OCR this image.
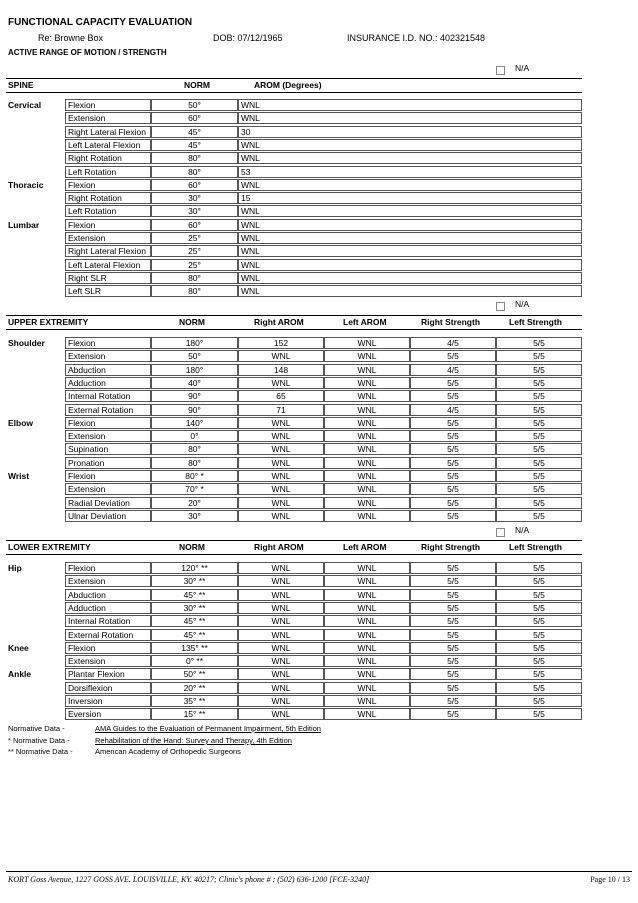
FUNCTIONAL CAPACITY EVALUATION
Re: Browne Box	DOB: 07/12/1965	INSURANCE I.D. NO.: 402321548
ACTIVE RANGE OF MOTION / STRENGTH
N/A
SPINE	NORM	AROM (Degrees)
Cervical	Flexion	50°	WNL
Extension	60°	WNL
Right Lateral Flexion	45°	30
Left Lateral Flexion	45°	WNL
Right Rotation	80°	WNL
Left Rotation	80°	53
Thoracic	Flexion	60°	WNL
Right Rotation	30°	15
Left Rotation	30°	WNL
Lumbar	Flexion	60°	WNL
Extension	25°	WNL
Right Lateral Flexion	25°	WNL
Left Lateral Flexion	25°	WNL
Right SLR	80°	WNL
Left SLR	80°	WNL
N/A
UPPER EXTREMITY	NORM	Right AROM	Left AROM	Right Strength	Left Strength
Shoulder	Flexion	180°	152	WNL	4/5	5/5
Extension	50°	WNL	WNL	5/5	5/5
Abduction	180°	148	WNL	4/5	5/5
Adduction	40°	WNL	WNL	5/5	5/5
Internal Rotation	90°	65	WNL	5/5	5/5
External Rotation	90°	71	WNL	4/5	5/5
Elbow	Flexion	140°	WNL	WNL	5/5	5/5
Extension	0°	WNL	WNL	5/5	5/5
Supination	80°	WNL	WNL	5/5	5/5
Pronation	80°	WNL	WNL	5/5	5/5
Wrist	Flexion	80° *	WNL	WNL	5/5	5/5
Extension	70° *	WNL	WNL	5/5	5/5
Radial Deviation	20°	WNL	WNL	5/5	5/5
Ulnar Deviation	30°	WNL	WNL	5/5	5/5
N/A
LOWER EXTREMITY	NORM	Right AROM	Left AROM	Right Strength	Left Strength
Hip	Flexion	120° **	WNL	WNL	5/5	5/5
Extension	30° **	WNL	WNL	5/5	5/5
Abduction	45° **	WNL	WNL	5/5	5/5
Adduction	30° **	WNL	WNL	5/5	5/5
Internal Rotation	45° **	WNL	WNL	5/5	5/5
External Rotation	45° **	WNL	WNL	5/5	5/5
Knee	Flexion	135° **	WNL	WNL	5/5	5/5
Extension	0° **	WNL	WNL	5/5	5/5
Ankle	Plantar Flexion	50° **	WNL	WNL	5/5	5/5
Dorsiflexion	20° **	WNL	WNL	5/5	5/5
Inversion	35° **	WNL	WNL	5/5	5/5
Eversion	15° **	WNL	WNL	5/5	5/5
Normative Data -	AMA Guides to the Evaluation of Permanent Impairment, 5th Edition
* Normative Data -	Rehabilitation of the Hand: Survey and Therapy, 4th Edition
** Normative Data -	American Academy of Orthopedic Surgeons
KORT Goss Avenue, 1227 GOSS AVE. LOUISVILLE, KY. 40217; Clinic's phone # : (502) 636-1200 [FCE-3240]	Page 10 / 13
